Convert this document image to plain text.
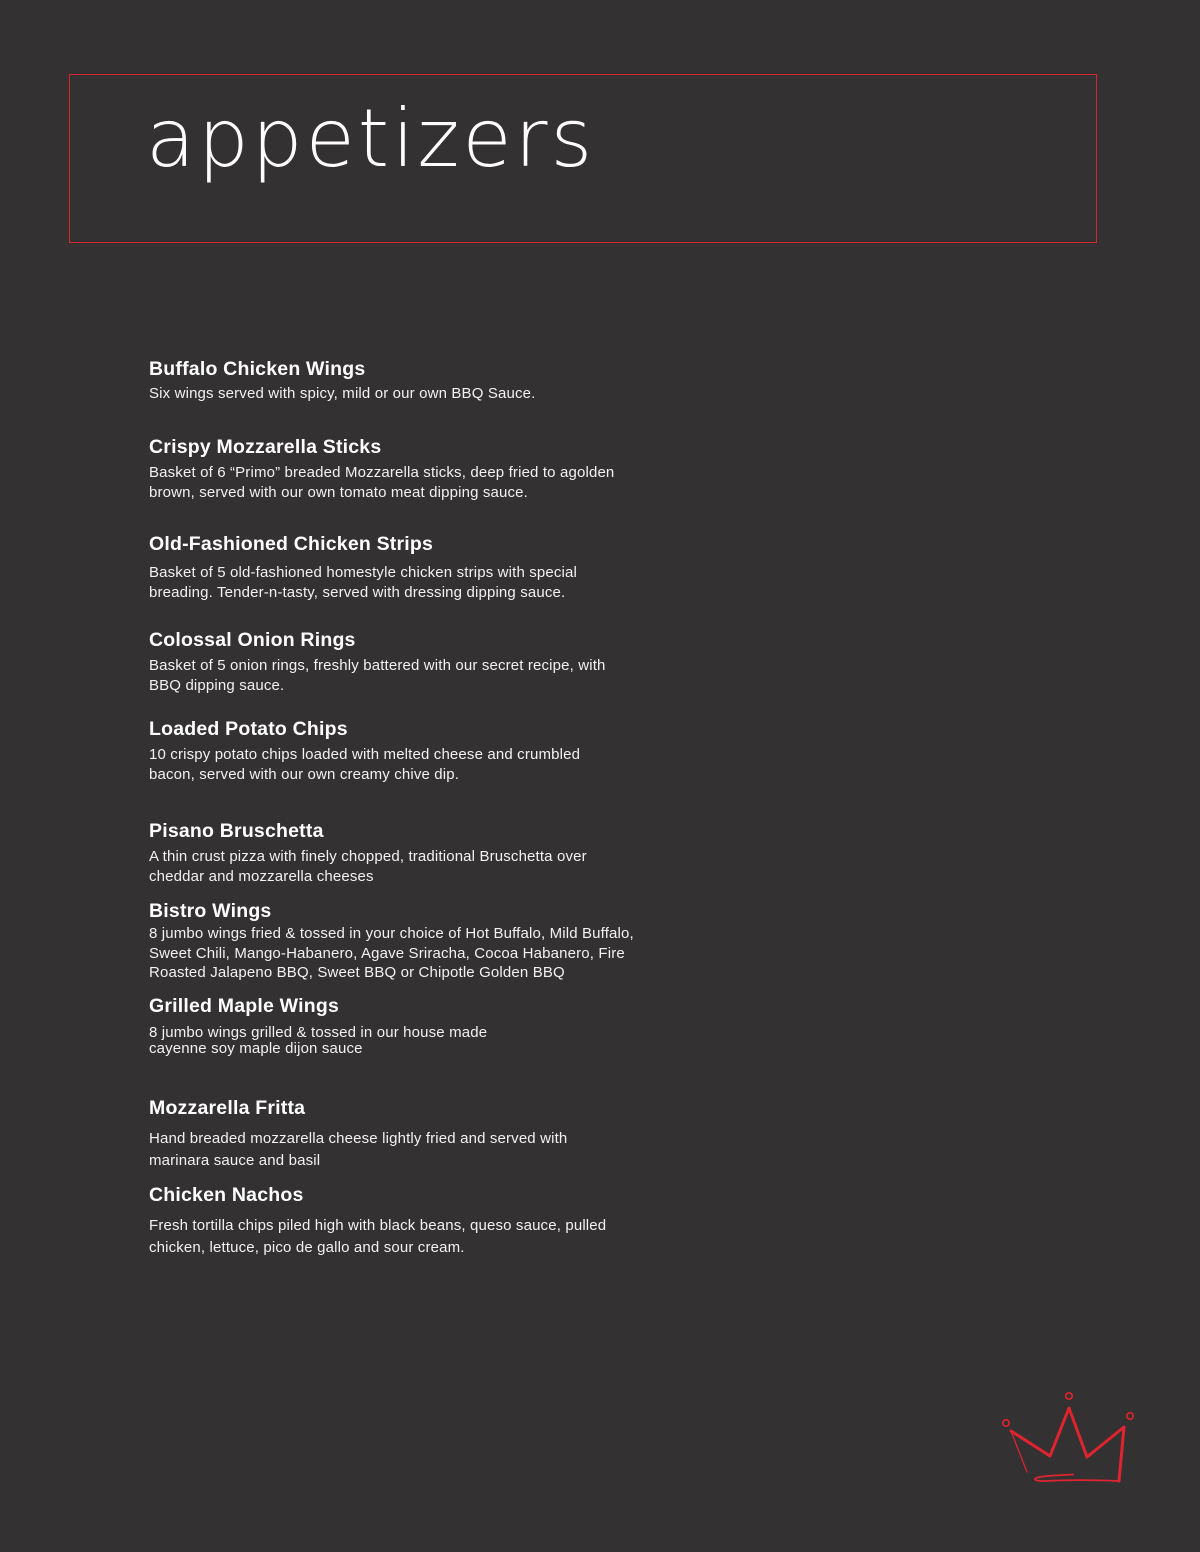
appetizers

Buffalo Chicken Wings

Six wings served with spicy, mild or our own BBQ Sauce.

Crispy Mozzarella Sticks

Basket of 6 “Primo” breaded Mozzarella sticks, deep fried to agolden
brown, served with our own tomato meat dipping sauce.

Old-Fashioned Chicken Strips

Basket of 5 old-fashioned homestyle chicken strips with special
breading. Tender-n-tasty, served with dressing dipping sauce.

Colossal Onion Rings

Basket of 5 onion rings, freshly battered with our secret recipe, with
BBQ dipping sauce.

Loaded Potato Chips

10 crispy potato chips loaded with melted cheese and crumbled
bacon, served with our own creamy chive dip.

Pisano Bruschetta

A thin crust pizza with finely chopped, traditional Bruschetta over
cheddar and mozzarella cheeses

Bistro Wings

8 jumbo wings fried & tossed in your choice of Hot Buffalo, Mild Buffalo,
Sweet Chili, Mango-Habanero, Agave Sriracha, Cocoa Habanero, Fire
Roasted Jalapeno BBQ, Sweet BBQ or Chipotle Golden BBQ

Grilled Maple Wings

8 jumbo wings grilled & tossed in our house made
cayenne soy maple dijon sauce

Mozzarella Fritta

Hand breaded mozzarella cheese lightly fried and served with
marinara sauce and basil

Chicken Nachos

Fresh tortilla chips piled high with black beans, queso sauce, pulled
chicken, lettuce, pico de gallo and sour cream.
